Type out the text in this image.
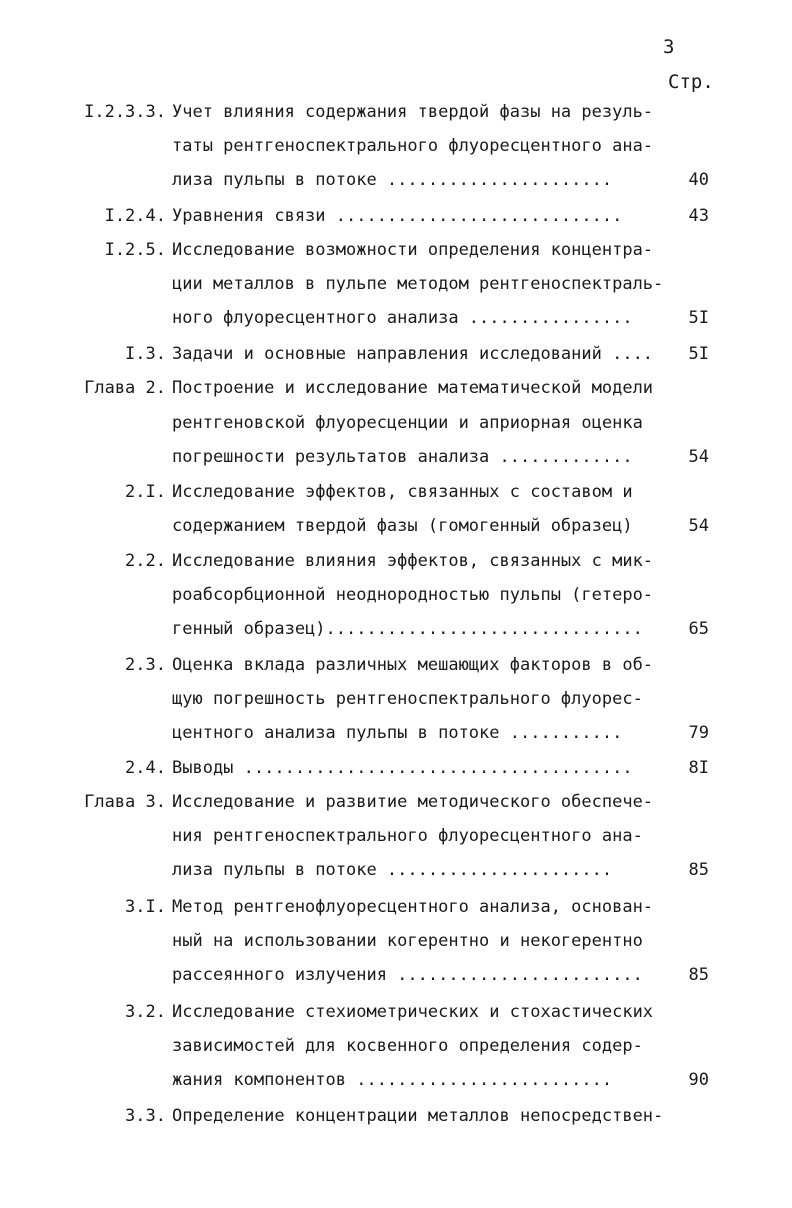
3
Стр.
I.2.3.3. Учет влияния содержания твердой фазы на резуль-
таты рентгеноспектрального флуоресцентного ана-
лиза пульпы в потоке ......................	40
I.2.4. Уравнения связи ............................	43
I.2.5. Исследование возможности определения концентра-
ции металлов в пульпе методом рентгеноспектраль-
ного флуоресцентного анализа ................	5I
I.3. Задачи и основные направления исследований .... 5I
Глава 2. Построение и исследование математической модели
рентгеновской флуоресценции и априорная оценка
погрешности результатов анализа .............	54
2.I. Исследование эффектов, связанных с составом и
содержанием твердой фазы (гомогенный образец)	54
2.2. Исследование влияния эффектов, связанных с мик-
роабсорбционной неоднородностью пульпы (гетеро-
генный образец)...............................	65
2.3. Оценка вклада различных мешающих факторов в об-
щую погрешность рентгеноспектрального флуорес-
центного анализа пульпы в потоке ...........	79
2.4. Выводы ......................................	8I
Глава 3. Исследование и развитие методического обеспече-
ния рентгеноспектрального флуоресцентного ана-
лиза пульпы в потоке ......................	85
3.I. Метод рентгенофлуоресцентного анализа, основан-
ный на использовании когерентно и некогерентно
рассеянного излучения ........................	85
3.2. Исследование стехиометрических и стохастических
зависимостей для косвенного определения содер-
жания компонентов .........................	90
3.3. Определение концентрации металлов непосредствен-
